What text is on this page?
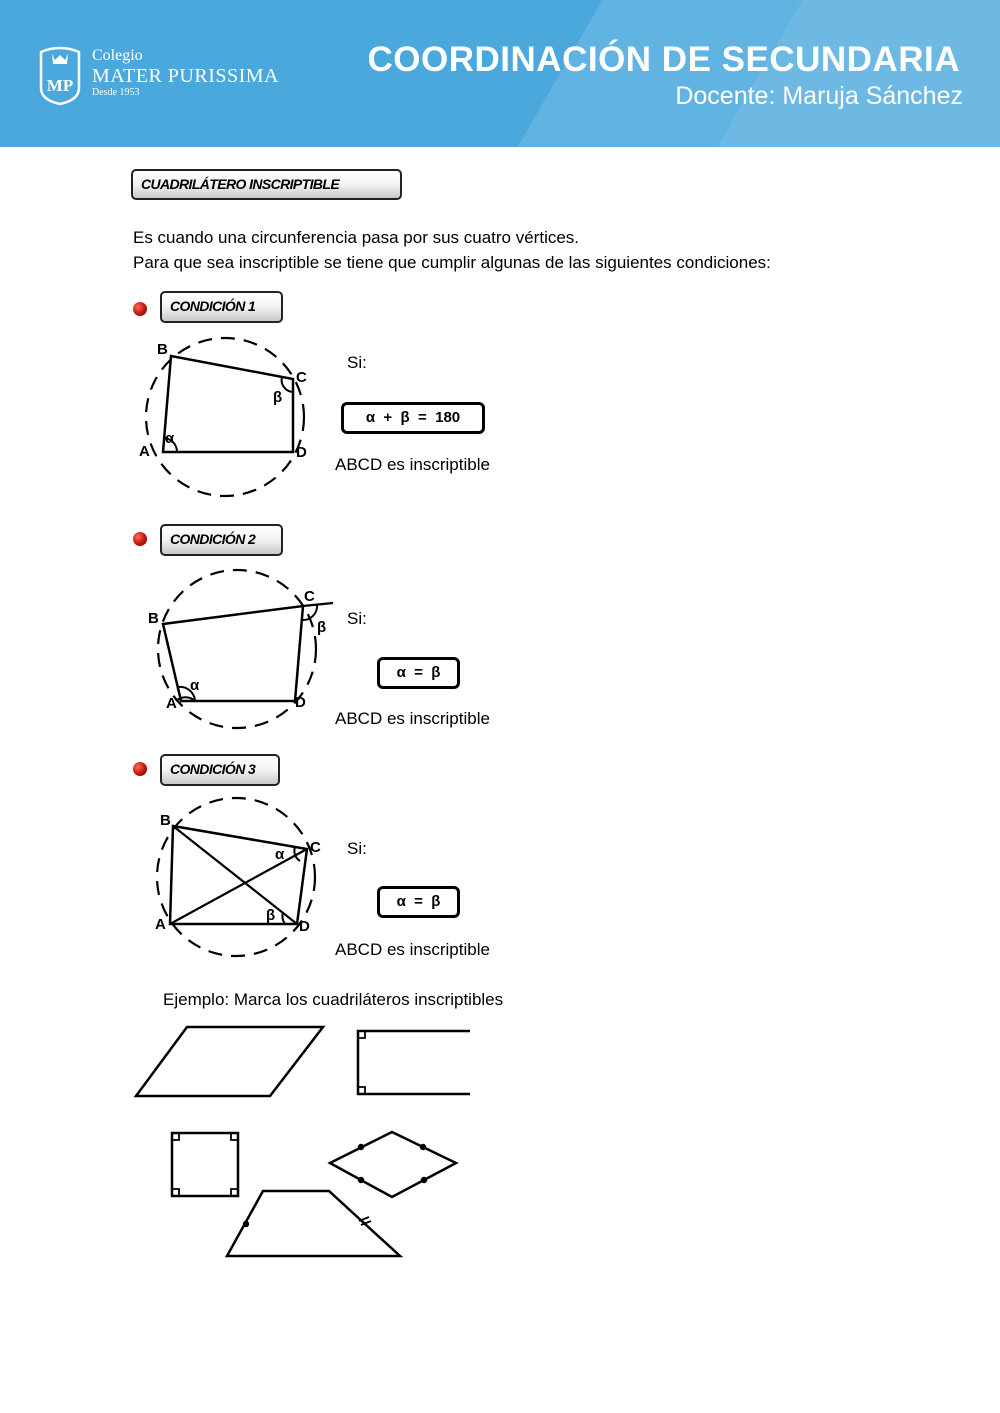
MP
Colegio
MATER PURISSIMA
Desde 1953
COORDINACIÓN DE SECUNDARIA
Docente: Maruja Sánchez
CUADRILÁTERO INSCRIPTIBLE
Es cuando una circunferencia pasa por sus cuatro vértices.
Para que sea inscriptible se tiene que cumplir algunas de las siguientes condiciones:
CONDICIÓN 1
B
C
A	D
α
β
Si:
α  +  β  =  180
ABCD es inscriptible
CONDICIÓN 2
B
C
A	D
α
β Si:
α  =  β
ABCD es inscriptible
CONDICIÓN 3
B
C
A	D
α
β
Si:
α  =  β
ABCD es inscriptible
Ejemplo: Marca los cuadriláteros inscriptibles
